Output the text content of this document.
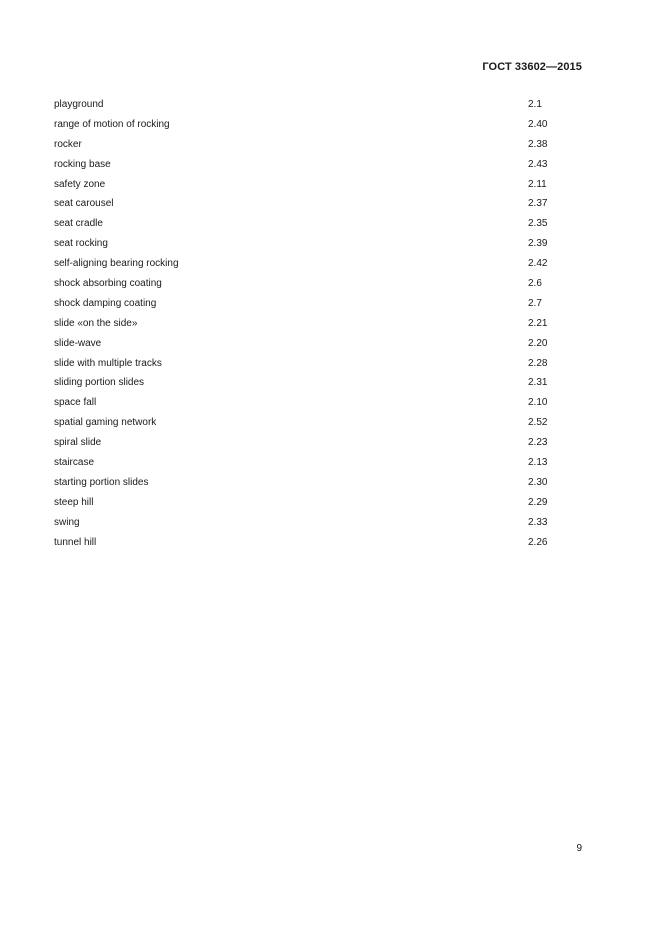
ГОСТ 33602—2015
playground	2.1
range of motion of rocking	2.40
rocker	2.38
rocking base	2.43
safety zone	2.11
seat carousel	2.37
seat cradle	2.35
seat rocking	2.39
self-aligning bearing rocking	2.42
shock absorbing coating	2.6
shock damping coating	2.7
slide «on the side»	2.21
slide-wave	2.20
slide with multiple tracks	2.28
sliding portion slides	2.31
space fall	2.10
spatial gaming network	2.52
spiral slide	2.23
staircase	2.13
starting portion slides	2.30
steep hill	2.29
swing	2.33
tunnel hill	2.26
9
